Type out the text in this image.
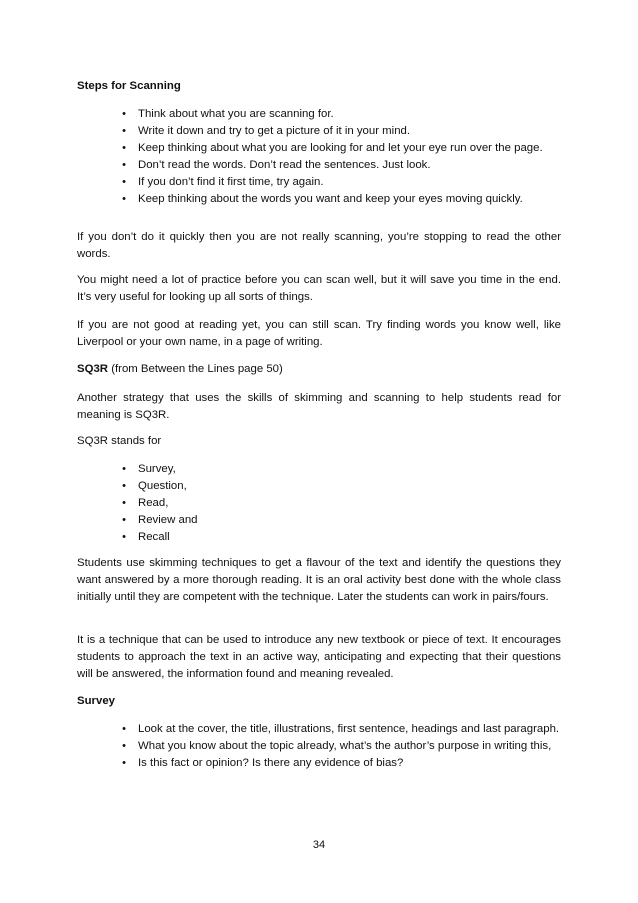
Steps for Scanning
• Think about what you are scanning for.
• Write it down and try to get a picture of it in your mind.
• Keep thinking about what you are looking for and let your eye run over the page.
• Don’t read the words. Don’t read the sentences. Just look.
• If you don’t find it first time, try again.
• Keep thinking about the words you want and keep your eyes moving quickly.
If you don’t do it quickly then you are not really scanning, you’re stopping to read the other words.
You might need a lot of practice before you can scan well, but it will save you time in the end. It’s very useful for looking up all sorts of things.
If you are not good at reading yet, you can still scan. Try finding words you know well, like Liverpool or your own name, in a page of writing.
SQ3R (from Between the Lines page 50)
Another strategy that uses the skills of skimming and scanning to help students read for meaning is SQ3R.
SQ3R stands for
• Survey,
• Question,
• Read,
• Review and
• Recall
Students use skimming techniques to get a flavour of the text and identify the questions they want answered by a more thorough reading. It is an oral activity best done with the whole class initially until they are competent with the technique. Later the students can work in pairs/fours.
It is a technique that can be used to introduce any new textbook or piece of text. It encourages students to approach the text in an active way, anticipating and expecting that their questions will be answered, the information found and meaning revealed.
Survey
• Look at the cover, the title, illustrations, first sentence, headings and last paragraph.
• What you know about the topic already, what’s the author’s purpose in writing this,
• Is this fact or opinion? Is there any evidence of bias?
34
